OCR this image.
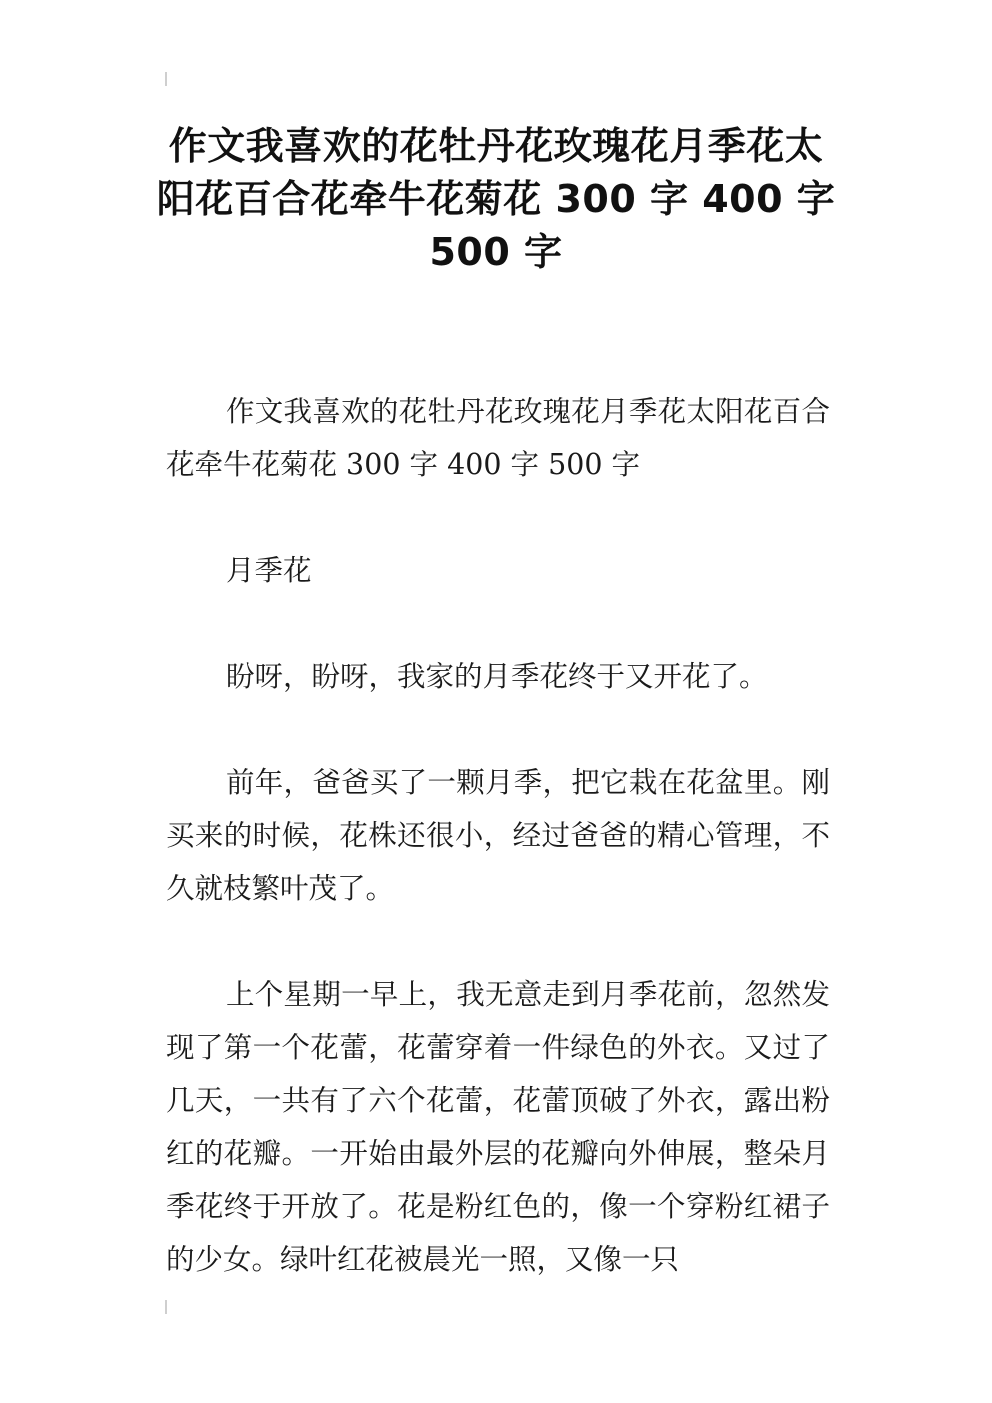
作文我喜欢的花牡丹花玫瑰花月季花太阳花百合花牵牛花菊花 300 字 400 字 500 字

作文我喜欢的花牡丹花玫瑰花月季花太阳花百合花牵牛花菊花 300 字 400 字 500 字

月季花

盼呀，盼呀，我家的月季花终于又开花了。

前年，爸爸买了一颗月季，把它栽在花盆里。刚买来的时候，花株还很小，经过爸爸的精心管理，不久就枝繁叶茂了。

上个星期一早上，我无意走到月季花前，忽然发现了第一个花蕾，花蕾穿着一件绿色的外衣。又过了几天，一共有了六个花蕾，花蕾顶破了外衣，露出粉红的花瓣。一开始由最外层的花瓣向外伸展，整朵月季花终于开放了。花是粉红色的，像一个穿粉红裙子的少女。绿叶红花被晨光一照，又像一只
